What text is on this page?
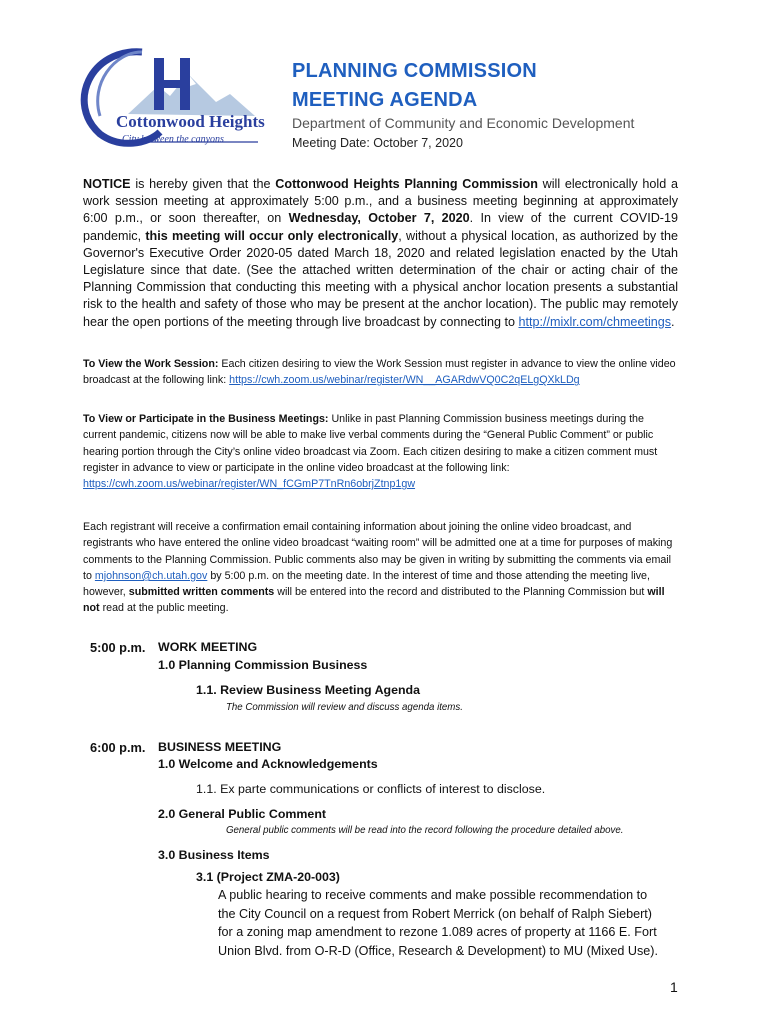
Cottonwood Heights
City between the canyons
PLANNING COMMISSION
MEETING AGENDA
Department of Community and Economic Development
Meeting Date: October 7, 2020
NOTICE is hereby given that the Cottonwood Heights Planning Commission will electronically hold a work session meeting at approximately 5:00 p.m., and a business meeting beginning at approximately 6:00 p.m., or soon thereafter, on Wednesday, October 7, 2020. In view of the current COVID-19 pandemic, this meeting will occur only electronically, without a physical location, as authorized by the Governor's Executive Order 2020-05 dated March 18, 2020 and related legislation enacted by the Utah Legislature since that date. (See the attached written determination of the chair or acting chair of the Planning Commission that conducting this meeting with a physical anchor location presents a substantial risk to the health and safety of those who may be present at the anchor location). The public may remotely hear the open portions of the meeting through live broadcast by connecting to http://mixlr.com/chmeetings.
To View the Work Session: Each citizen desiring to view the Work Session must register in advance to view the online video broadcast at the following link: https://cwh.zoom.us/webinar/register/WN__AGARdwVQ0C2qELgQXkLDg
To View or Participate in the Business Meetings: Unlike in past Planning Commission business meetings during the current pandemic, citizens now will be able to make live verbal comments during the “General Public Comment” or public hearing portion through the City’s online video broadcast via Zoom. Each citizen desiring to make a citizen comment must register in advance to view or participate in the online video broadcast at the following link:
https://cwh.zoom.us/webinar/register/WN_fCGmP7TnRn6obrjZtnp1gw
Each registrant will receive a confirmation email containing information about joining the online video broadcast, and registrants who have entered the online video broadcast “waiting room” will be admitted one at a time for purposes of making comments to the Planning Commission. Public comments also may be given in writing by submitting the comments via email to mjohnson@ch.utah.gov by 5:00 p.m. on the meeting date. In the interest of time and those attending the meeting live, however, submitted written comments will be entered into the record and distributed to the Planning Commission but will not read at the public meeting.
5:00 p.m. WORK MEETING
1.0 Planning Commission Business
1.1. Review Business Meeting Agenda
The Commission will review and discuss agenda items.
6:00 p.m. BUSINESS MEETING
1.0 Welcome and Acknowledgements
1.1. Ex parte communications or conflicts of interest to disclose.
2.0 General Public Comment
General public comments will be read into the record following the procedure detailed above.
3.0 Business Items
3.1 (Project ZMA-20-003)
A public hearing to receive comments and make possible recommendation to the City Council on a request from Robert Merrick (on behalf of Ralph Siebert) for a zoning map amendment to rezone 1.089 acres of property at 1166 E. Fort Union Blvd. from O-R-D (Office, Research & Development) to MU (Mixed Use).
1
